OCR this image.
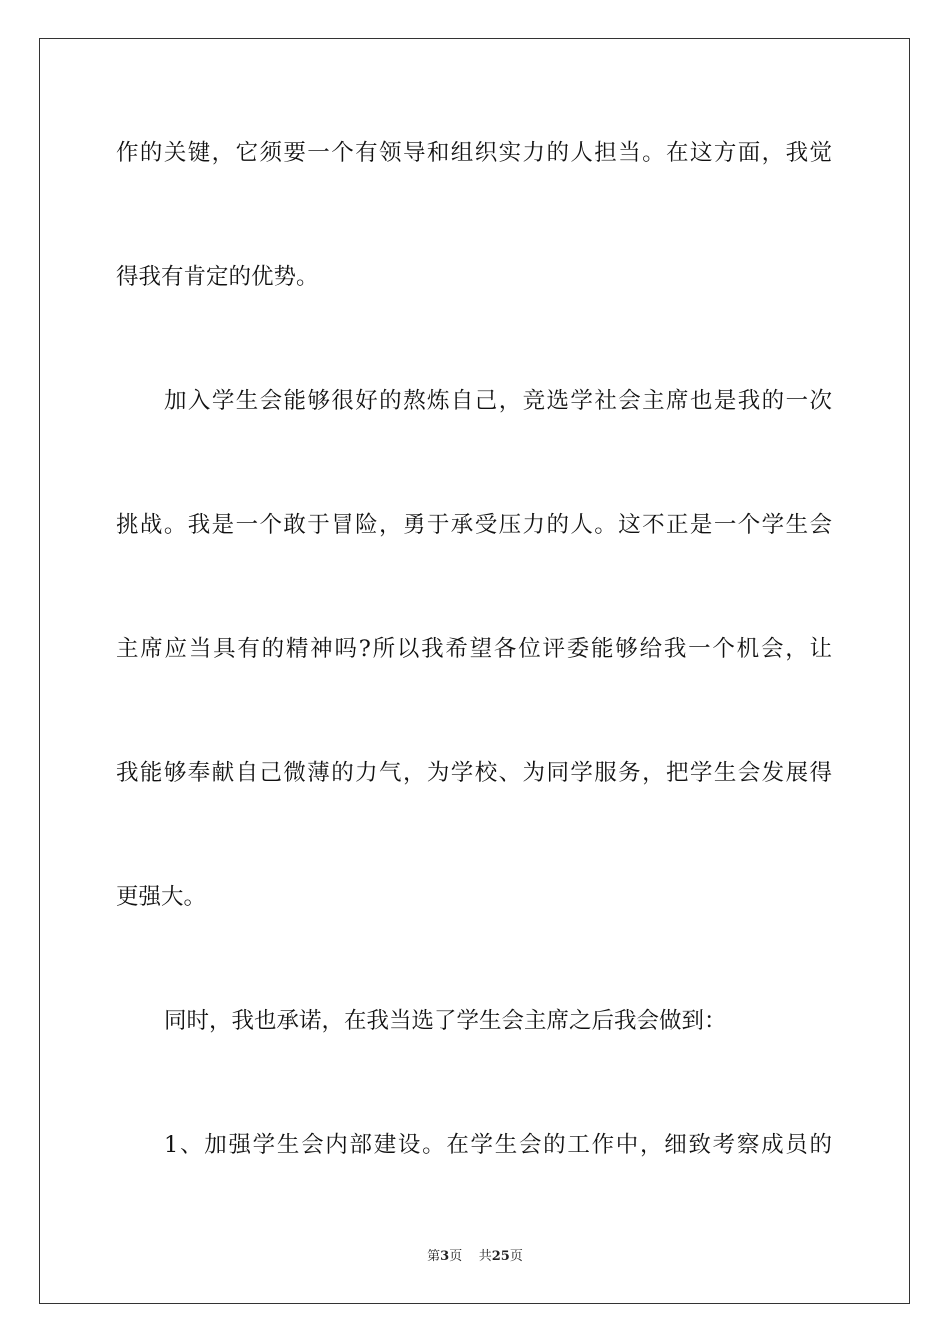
作的关键，它须要一个有领导和组织实力的人担当。在这方面，我觉
得我有肯定的优势。
加入学生会能够很好的熬炼自己，竞选学社会主席也是我的一次
挑战。我是一个敢于冒险，勇于承受压力的人。这不正是一个学生会
主席应当具有的精神吗?所以我希望各位评委能够给我一个机会，让
我能够奉献自己微薄的力气，为学校、为同学服务，把学生会发展得
更强大。
同时，我也承诺，在我当选了学生会主席之后我会做到：
1、加强学生会内部建设。在学生会的工作中，细致考察成员的
第3页 共25页
